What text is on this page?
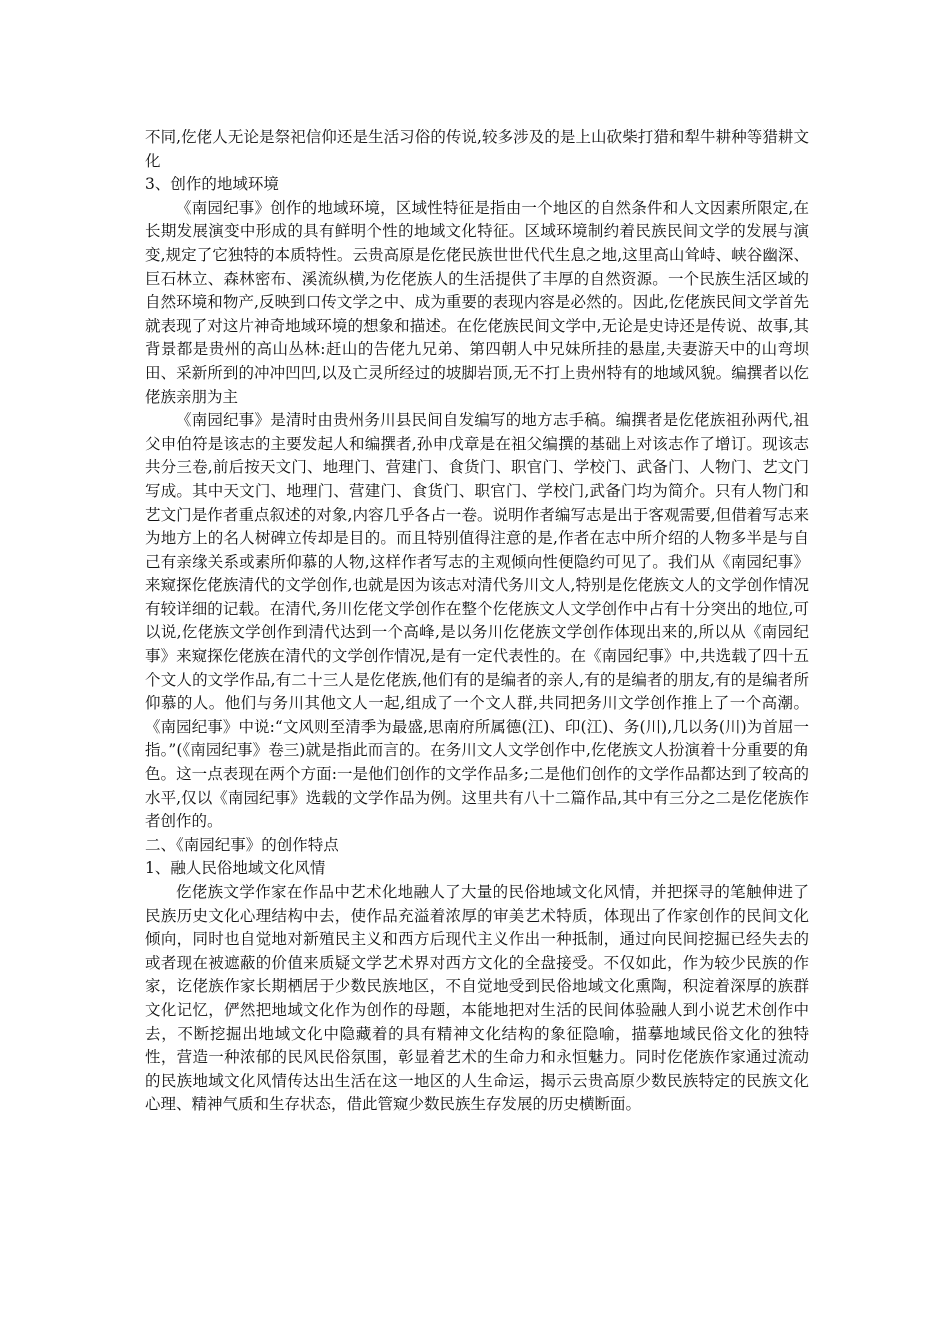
不同,仡佬人无论是祭祀信仰还是生活习俗的传说,较多涉及的是上山砍柴打猎和犁牛耕种等猎耕文化

3、创作的地域环境

《南园纪事》创作的地域环境，区域性特征是指由一个地区的自然条件和人文因素所限定,在长期发展演变中形成的具有鲜明个性的地域文化特征。区域环境制约着民族民间文学的发展与演变,规定了它独特的本质特性。云贵高原是仡佬民族世世代代生息之地,这里高山耸峙、峡谷幽深、巨石林立、森林密布、溪流纵横,为仡佬族人的生活提供了丰厚的自然资源。一个民族生活区域的自然环境和物产,反映到口传文学之中、成为重要的表现内容是必然的。因此,仡佬族民间文学首先就表现了对这片神奇地域环境的想象和描述。在仡佬族民间文学中,无论是史诗还是传说、故事,其背景都是贵州的高山丛林:赶山的告佬九兄弟、第四朝人中兄妹所挂的悬崖,夫妻游天中的山弯坝田、采新所到的冲冲凹凹,以及亡灵所经过的坡脚岩顶,无不打上贵州特有的地域风貌。编撰者以仡佬族亲朋为主

《南园纪事》是清时由贵州务川县民间自发编写的地方志手稿。编撰者是仡佬族祖孙两代,祖父申伯符是该志的主要发起人和编撰者,孙申戊章是在祖父编撰的基础上对该志作了增订。现该志共分三卷,前后按天文门、地理门、营建门、食货门、职官门、学校门、武备门、人物门、艺文门写成。其中天文门、地理门、营建门、食货门、职官门、学校门,武备门均为简介。只有人物门和艺文门是作者重点叙述的对象,内容几乎各占一卷。说明作者编写志是出于客观需要,但借着写志来为地方上的名人树碑立传却是目的。而且特别值得注意的是,作者在志中所介绍的人物多半是与自己有亲缘关系或素所仰慕的人物,这样作者写志的主观倾向性便隐约可见了。我们从《南园纪事》来窥探仡佬族清代的文学创作,也就是因为该志对清代务川文人,特别是仡佬族文人的文学创作情况有较详细的记载。在清代,务川仡佬文学创作在整个仡佬族文人文学创作中占有十分突出的地位,可以说,仡佬族文学创作到清代达到一个高峰,是以务川仡佬族文学创作体现出来的,所以从《南园纪事》来窥探仡佬族在清代的文学创作情况,是有一定代表性的。在《南园纪事》中,共选载了四十五个文人的文学作品,有二十三人是仡佬族,他们有的是编者的亲人,有的是编者的朋友,有的是编者所仰慕的人。他们与务川其他文人一起,组成了一个文人群,共同把务川文学创作推上了一个高潮。《南园纪事》中说:“文风则至清季为最盛,思南府所属德(江)、印(江)、务(川),几以务(川)为首屈一指。”(《南园纪事》卷三)就是指此而言的。在务川文人文学创作中,仡佬族文人扮演着十分重要的角色。这一点表现在两个方面:一是他们创作的文学作品多;二是他们创作的文学作品都达到了较高的水平,仅以《南园纪事》选载的文学作品为例。这里共有八十二篇作品,其中有三分之二是仡佬族作者创作的。

二、《南园纪事》的创作特点

1、融人民俗地域文化风情

仡佬族文学作家在作品中艺术化地融人了大量的民俗地域文化风情，并把探寻的笔触伸进了民族历史文化心理结构中去，使作品充溢着浓厚的审美艺术特质，体现出了作家创作的民间文化倾向，同时也自觉地对新殖民主义和西方后现代主义作出一种抵制，通过向民间挖掘已经失去的或者现在被遮蔽的价值来质疑文学艺术界对西方文化的全盘接受。不仅如此，作为较少民族的作家，讫佬族作家长期栖居于少数民族地区，不自觉地受到民俗地域文化熏陶，积淀着深厚的族群文化记忆，俨然把地域文化作为创作的母题，本能地把对生活的民间体验融人到小说艺术创作中去，不断挖掘出地域文化中隐藏着的具有精神文化结构的象征隐喻，描摹地域民俗文化的独特性，营造一种浓郁的民风民俗氛围，彰显着艺术的生命力和永恒魅力。同时仡佬族作家通过流动的民族地域文化风情传达出生活在这一地区的人生命运，揭示云贵高原少数民族特定的民族文化心理、精神气质和生存状态，借此管窥少数民族生存发展的历史横断面。
